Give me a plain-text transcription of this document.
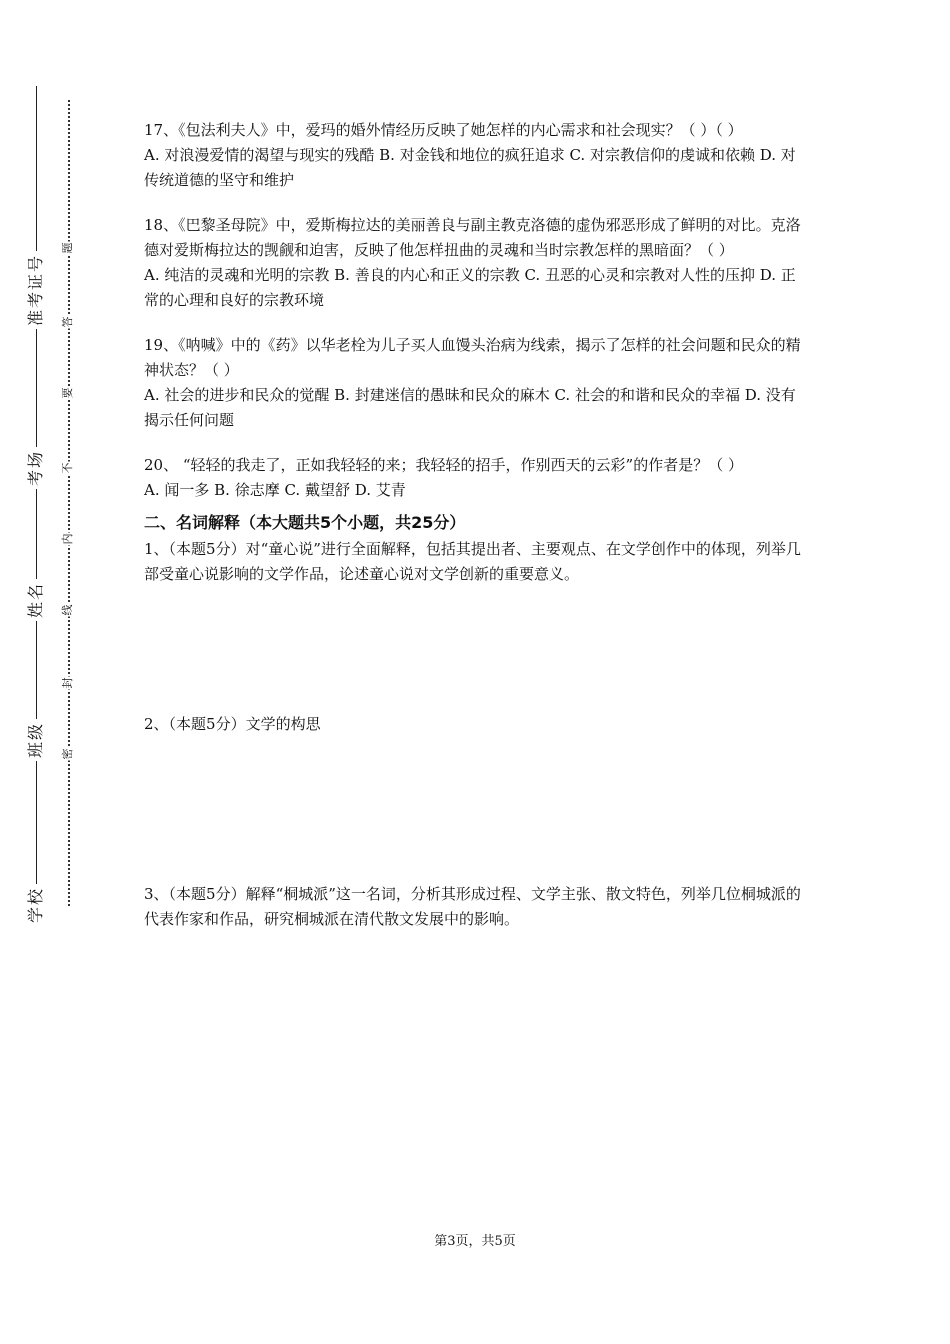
准考证号
考场
姓名
班级
学校
题
答
要
不
内
线
封
密

17、《包法利夫人》中，爱玛的婚外情经历反映了她怎样的内心需求和社会现实？（ ）（ ）

A. 对浪漫爱情的渴望与现实的残酷 B. 对金钱和地位的疯狂追求 C. 对宗教信仰的虔诚和依赖 D. 对传统道德的坚守和维护

18、《巴黎圣母院》中，爱斯梅拉达的美丽善良与副主教克洛德的虚伪邪恶形成了鲜明的对比。克洛德对爱斯梅拉达的觊觎和迫害，反映了他怎样扭曲的灵魂和当时宗教怎样的黑暗面？（ ）

A. 纯洁的灵魂和光明的宗教 B. 善良的内心和正义的宗教 C. 丑恶的心灵和宗教对人性的压抑 D. 正常的心理和良好的宗教环境

19、《呐喊》中的《药》以华老栓为儿子买人血馒头治病为线索，揭示了怎样的社会问题和民众的精神状态？（ ）

A. 社会的进步和民众的觉醒 B. 封建迷信的愚昧和民众的麻木 C. 社会的和谐和民众的幸福 D. 没有揭示任何问题

20、 “轻轻的我走了，正如我轻轻的来；我轻轻的招手，作别西天的云彩”的作者是？（ ）

A. 闻一多 B. 徐志摩 C. 戴望舒 D. 艾青

二、名词解释（本大题共5个小题，共25分）

1、（本题5分）对“童心说”进行全面解释，包括其提出者、主要观点、在文学创作中的体现，列举几部受童心说影响的文学作品，论述童心说对文学创新的重要意义。

2、（本题5分）文学的构思

3、（本题5分）解释“桐城派”这一名词，分析其形成过程、文学主张、散文特色，列举几位桐城派的代表作家和作品，研究桐城派在清代散文发展中的影响。

第3页，共5页
